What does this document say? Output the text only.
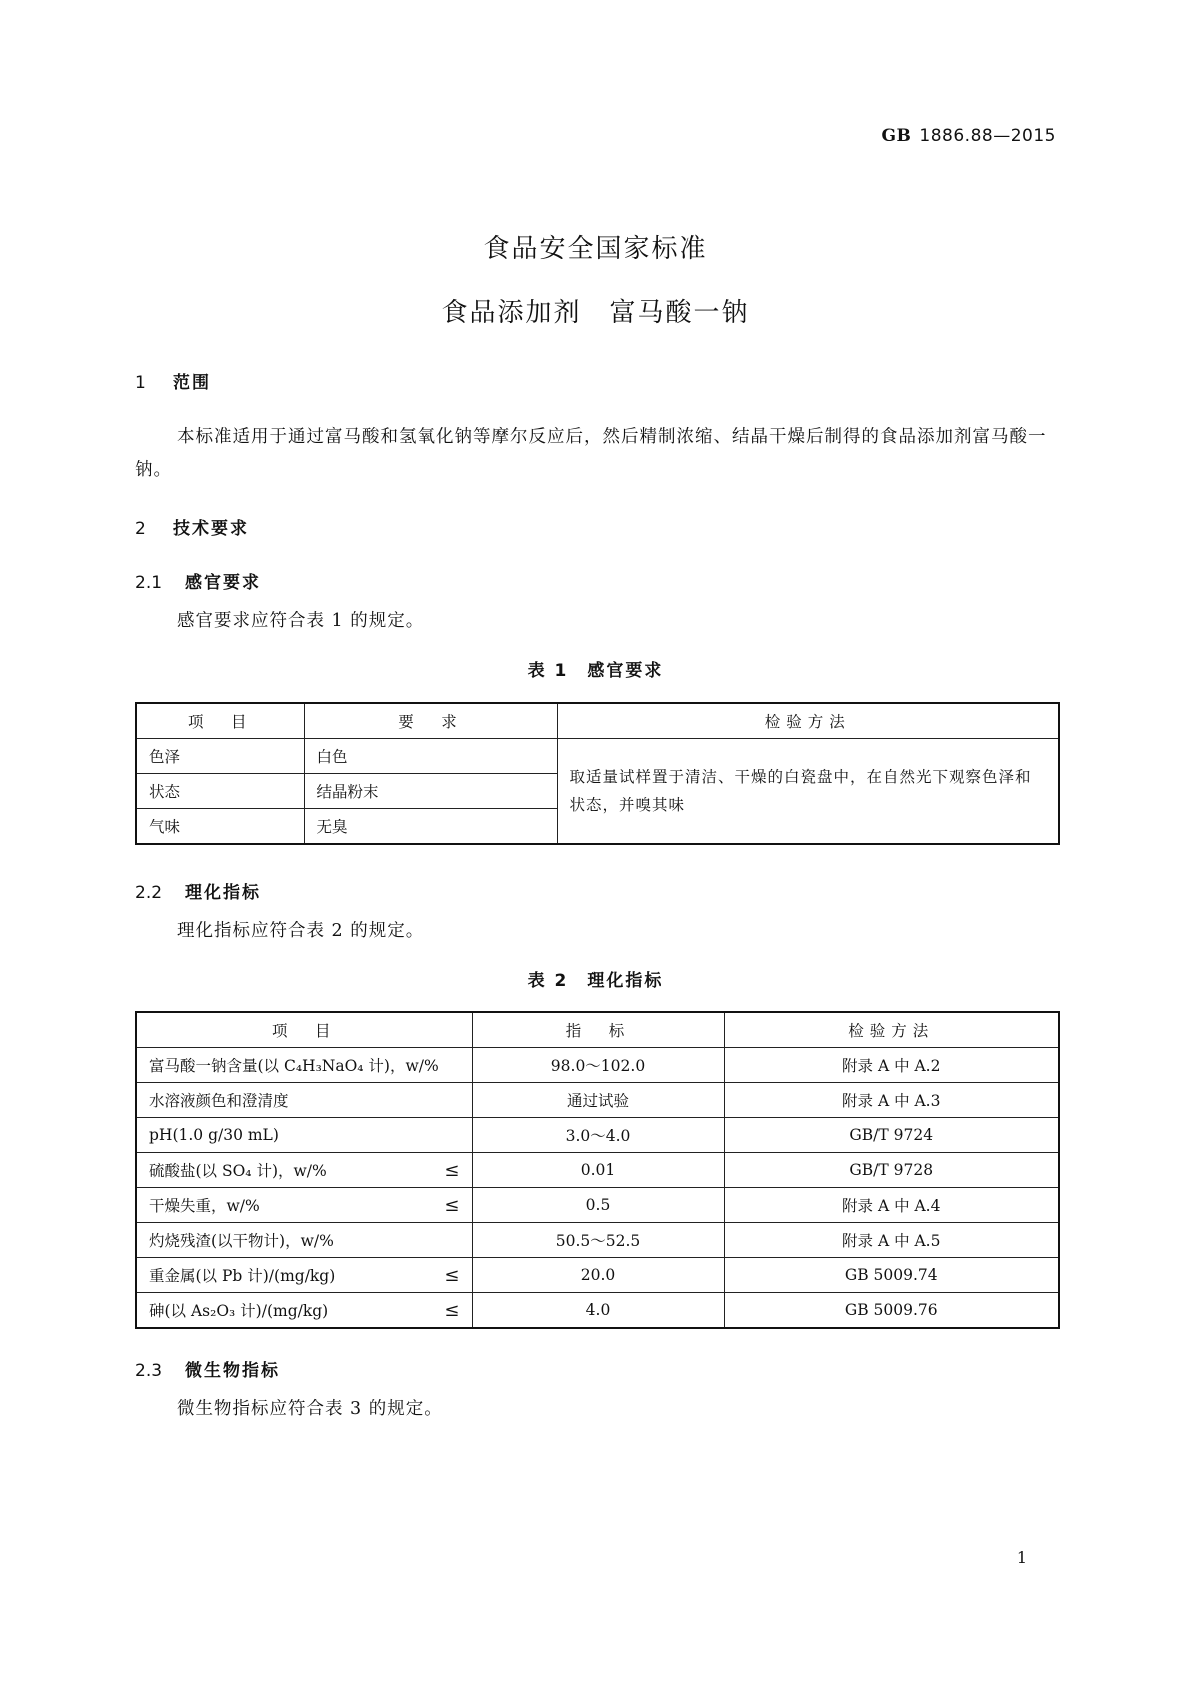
GB 1886.88—2015
食品安全国家标准
食品添加剂　富马酸一钠
1 范围

本标准适用于通过富马酸和氢氧化钠等摩尔反应后，然后精制浓缩、结晶干燥后制得的食品添加剂富马酸一钠。

2 技术要求
2.1 感官要求

感官要求应符合表 1 的规定。

表 1　感官要求
项　目	要　求	检验方法
色泽	白色	取适量试样置于清洁、干燥的白瓷盘中，在自然光下观察色泽和状态，并嗅其味
状态	结晶粉末	
气味	无臭	
2.2 理化指标

理化指标应符合表 2 的规定。

表 2　理化指标
项　目	指　标	检验方法

富马酸一钠含量(以 C₄H₃NaO₄ 计)，w/%	98.0～102.0	附录 A 中 A.2

水溶液颜色和澄清度	通过试验	附录 A 中 A.3

pH(1.0 g/30 mL)	3.0～4.0	GB/T 9724

硫酸盐(以 SO₄ 计)，w/% ≤	0.01	GB/T 9728

干燥失重，w/% ≤	0.5	附录 A 中 A.4

灼烧残渣(以干物计)，w/%	50.5～52.5	附录 A 中 A.5

重金属(以 Pb 计)/(mg/kg) ≤	20.0	GB 5009.74

砷(以 As₂O₃ 计)/(mg/kg) ≤	4.0	GB 5009.76
2.3 微生物指标

微生物指标应符合表 3 的规定。

1
